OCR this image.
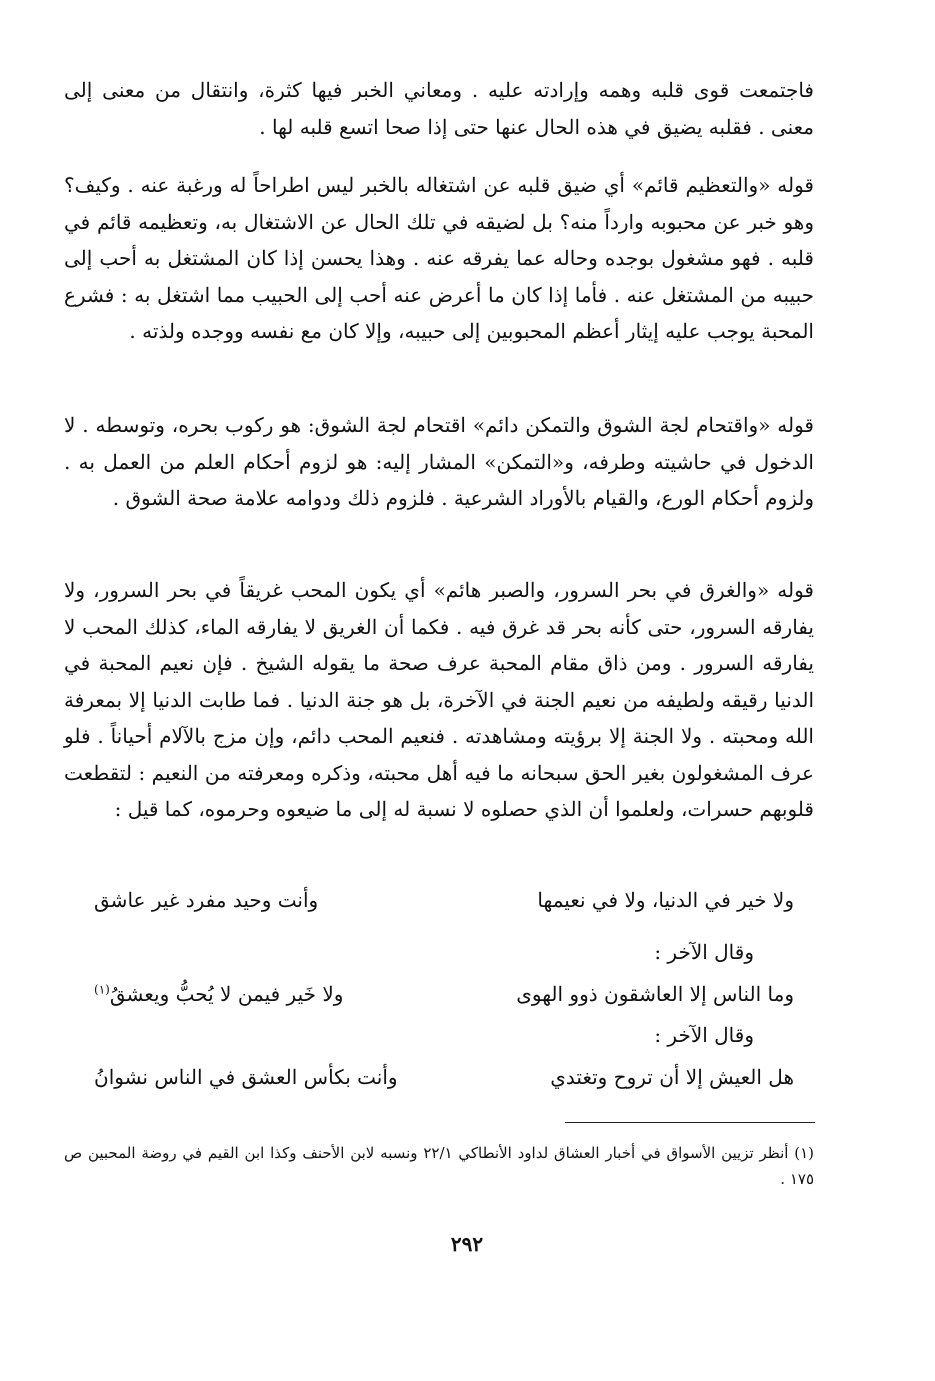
فاجتمعت قوى قلبه وهمه وإرادته عليه . ومعاني الخبر فيها كثرة، وانتقال من معنى إلى معنى . فقلبه يضيق في هذه الحال عنها حتى إذا صحا اتسع قلبه لها .

قوله «والتعظيم قائم» أي ضيق قلبه عن اشتغاله بالخبر ليس اطراحاً له ورغبة عنه . وكيف؟ وهو خبر عن محبوبه وارداً منه؟ بل لضيقه في تلك الحال عن الاشتغال به، وتعظيمه قائم في قلبه . فهو مشغول بوجده وحاله عما يفرقه عنه . وهذا يحسن إذا كان المشتغل به أحب إلى حبيبه من المشتغل عنه . فأما إذا كان ما أعرض عنه أحب إلى الحبيب مما اشتغل به : فشرع المحبة يوجب عليه إيثار أعظم المحبوبين إلى حبيبه، وإلا كان مع نفسه ووجده ولذته .

قوله «واقتحام لجة الشوق والتمكن دائم» اقتحام لجة الشوق: هو ركوب بحره، وتوسطه . لا الدخول في حاشيته وطرفه، و«التمكن» المشار إليه: هو لزوم أحكام العلم من العمل به . ولزوم أحكام الورع، والقيام بالأوراد الشرعية . فلزوم ذلك ودوامه علامة صحة الشوق .

قوله «والغرق في بحر السرور، والصبر هائم» أي يكون المحب غريقاً في بحر السرور، ولا يفارقه السرور، حتى كأنه بحر قد غرق فيه . فكما أن الغريق لا يفارقه الماء، كذلك المحب لا يفارقه السرور . ومن ذاق مقام المحبة عرف صحة ما يقوله الشيخ . فإن نعيم المحبة في الدنيا رقيقه ولطيفه من نعيم الجنة في الآخرة، بل هو جنة الدنيا . فما طابت الدنيا إلا بمعرفة الله ومحبته . ولا الجنة إلا برؤيته ومشاهدته . فنعيم المحب دائم، وإن مزج بالآلام أحياناً . فلو عرف المشغولون بغير الحق سبحانه ما فيه أهل محبته، وذكره ومعرفته من النعيم : لتقطعت قلوبهم حسرات، ولعلموا أن الذي حصلوه لا نسبة له إلى ما ضيعوه وحرموه، كما قيل :

ولا خير في الدنيا، ولا في نعيمها
وأنت وحيد مفرد غير عاشق
وقال الآخر :
وما الناس إلا العاشقون ذوو الهوى
ولا خَير فيمن لا يُحبُّ ويعشقُ$^{(١)}$
وقال الآخر :
هل العيش إلا أن تروح وتغتدي
وأنت بكأس العشق في الناس نشوانُ

(١) أنظر تزيين الأسواق في أخبار العشاق لداود الأنطاكي ٢٢/١ ونسبه لابن الأحنف وكذا ابن القيم في روضة المحبين ص ١٧٥ .

٢٩٢
